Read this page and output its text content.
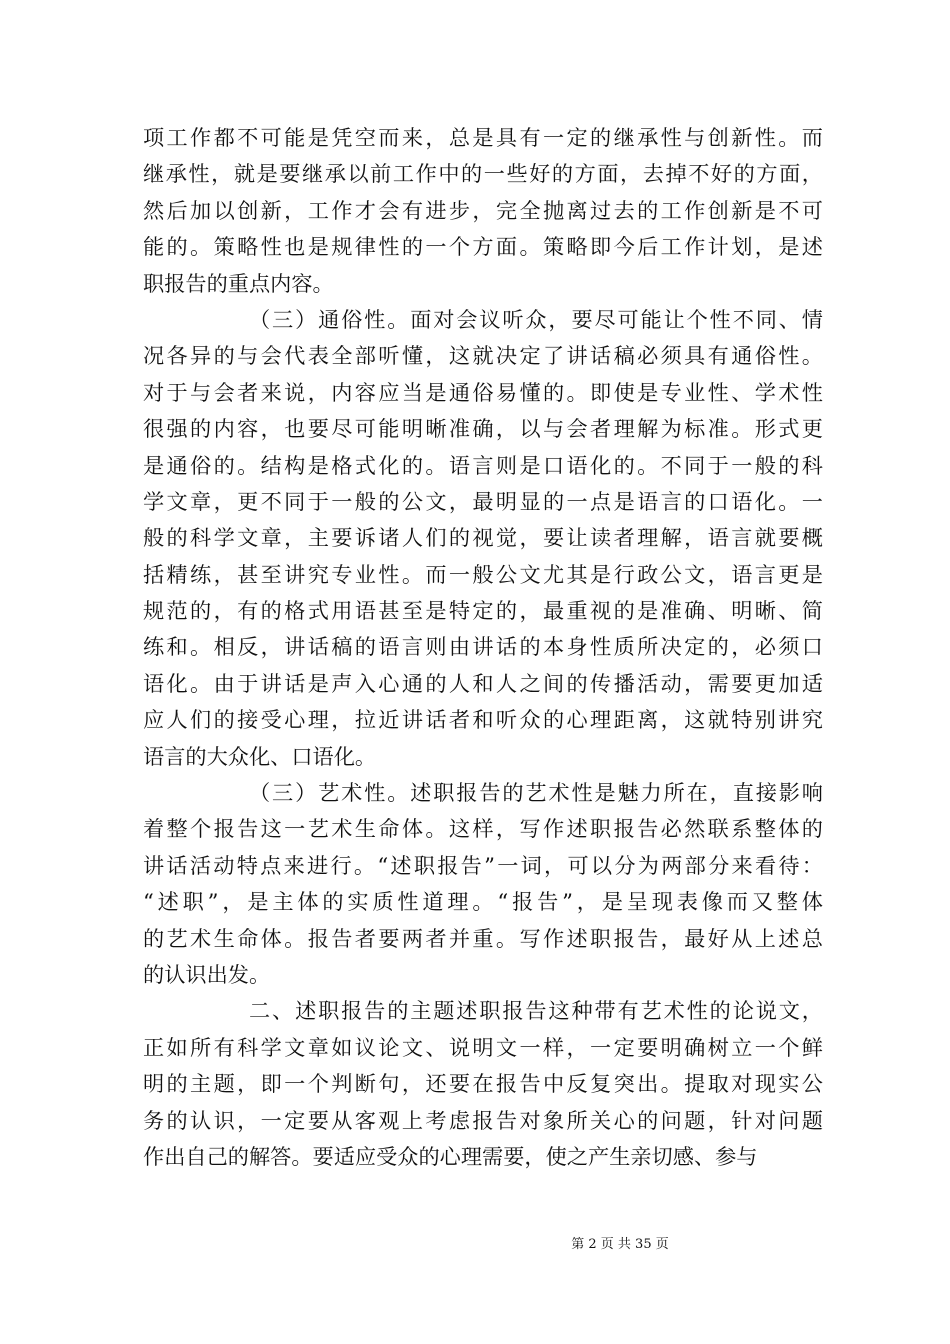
项工作都不可能是凭空而来，总是具有一定的继承性与创新性。而
继承性，就是要继承以前工作中的一些好的方面，去掉不好的方面，
然后加以创新，工作才会有进步，完全抛离过去的工作创新是不可
能的。策略性也是规律性的一个方面。策略即今后工作计划，是述
职报告的重点内容。
（三）通俗性。面对会议听众，要尽可能让个性不同、情
况各异的与会代表全部听懂，这就决定了讲话稿必须具有通俗性。
对于与会者来说，内容应当是通俗易懂的。即使是专业性、学术性
很强的内容，也要尽可能明晰准确，以与会者理解为标准。形式更
是通俗的。结构是格式化的。语言则是口语化的。不同于一般的科
学文章，更不同于一般的公文，最明显的一点是语言的口语化。一
般的科学文章，主要诉诸人们的视觉，要让读者理解，语言就要概
括精练，甚至讲究专业性。而一般公文尤其是行政公文，语言更是
规范的，有的格式用语甚至是特定的，最重视的是准确、明晰、简
练和。相反，讲话稿的语言则由讲话的本身性质所决定的，必须口
语化。由于讲话是声入心通的人和人之间的传播活动，需要更加适
应人们的接受心理，拉近讲话者和听众的心理距离，这就特别讲究
语言的大众化、口语化。
（三）艺术性。述职报告的艺术性是魅力所在，直接影响
着整个报告这一艺术生命体。这样，写作述职报告必然联系整体的
讲话活动特点来进行。“述职报告”一词，可以分为两部分来看待：
“述职”，是主体的实质性道理。“报告”，是呈现表像而又整体
的艺术生命体。报告者要两者并重。写作述职报告，最好从上述总
的认识出发。
二、述职报告的主题述职报告这种带有艺术性的论说文，
正如所有科学文章如议论文、说明文一样，一定要明确树立一个鲜
明的主题，即一个判断句，还要在报告中反复突出。提取对现实公
务的认识，一定要从客观上考虑报告对象所关心的问题，针对问题
作出自己的解答。要适应受众的心理需要，使之产生亲切感、参与
第 2 页 共 35 页
